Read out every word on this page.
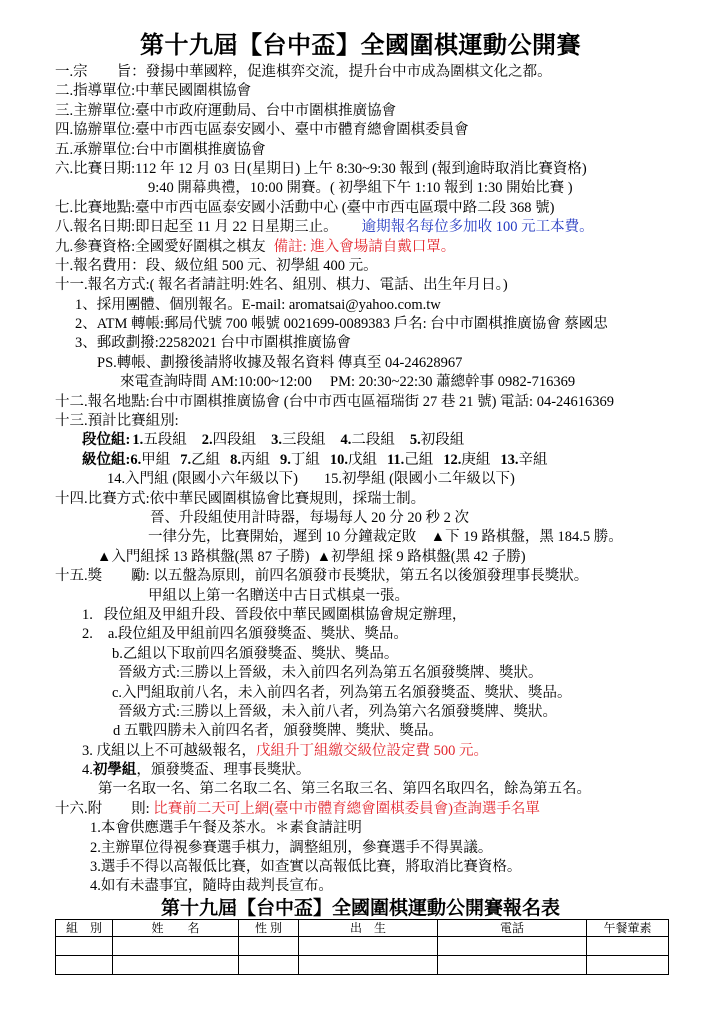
第十九屆【台中盃】全國圍棋運動公開賽
一.宗　　旨：發揚中華國粹，促進棋弈交流，提升台中市成為圍棋文化之都。
二.指導單位:中華民國圍棋協會
三.主辦單位:臺中市政府運動局、台中市圍棋推廣協會
四.協辦單位:臺中市西屯區泰安國小、臺中市體育總會圍棋委員會
五.承辦單位:台中市圍棋推廣協會
六.比賽日期:112 年 12 月 03 日(星期日) 上午 8:30~9:30 報到 (報到逾時取消比賽資格)
9:40 開幕典禮，10:00 開賽。( 初學組下午 1:10 報到 1:30 開始比賽 )
七.比賽地點:臺中市西屯區泰安國小活動中心 (臺中市西屯區環中路二段 368 號)
八.報名日期:即日起至 11 月 22 日星期三止。 逾期報名每位多加收 100 元工本費。
九.參賽資格:全國愛好圍棋之棋友 備註: 進入會場請自戴口罩。
十.報名費用：段、級位組 500 元、初學組 400 元。
十一.報名方式:( 報名者請註明:姓名、組別、棋力、電話、出生年月日。)
1、採用團體、個別報名。E-mail: aromatsai@yahoo.com.tw
2、ATM 轉帳:郵局代號 700 帳號 0021699-0089383 戶名: 台中市圍棋推廣協會 蔡國忠
3、郵政劃撥:22582021 台中市圍棋推廣協會
PS.轉帳、劃撥後請將收據及報名資料 傳真至 04-24628967
來電查詢時間 AM:10:00~12:00　 PM: 20:30~22:30 蕭總幹事 0982-716369
十二.報名地點:台中市圍棋推廣協會 (台中市西屯區福瑞街 27 巷 21 號) 電話: 04-24616369
十三.預計比賽組別:
段位組: 1.五段組 2.四段組 3.三段組 4.二段組 5.初段組
級位組:6.甲組 7.乙組 8.丙組 9.丁組 10.戊組 11.己組 12.庚組 13.辛組
14.入門組 (限國小六年級以下) 15.初學組 (限國小二年級以下)
十四.比賽方式:依中華民國圍棋協會比賽規則，採瑞士制。
晉、升段組使用計時器，每場每人 20 分 20 秒 2 次
一律分先，比賽開始，遲到 10 分鐘裁定敗　▲下 19 路棋盤，黑 184.5 勝。
▲入門組採 13 路棋盤(黑 87 子勝)  ▲初學組 採 9 路棋盤(黑 42 子勝)
十五.獎　　勵: 以五盤為原則，前四名頒發市長獎狀，第五名以後頒發理事長獎狀。
甲組以上第一名贈送中古日式棋桌一張。
1. 段位組及甲組升段、晉段依中華民國圍棋協會規定辦理，
2. a.段位組及甲組前四名頒發獎盃、獎狀、獎品。
b.乙組以下取前四名頒發獎盃、獎狀、獎品。
晉級方式:三勝以上晉級，未入前四名列為第五名頒發獎牌、獎狀。
c.入門組取前八名，未入前四名者，列為第五名頒發獎盃、獎狀、獎品。
晉級方式:三勝以上晉級，未入前八者，列為第六名頒發獎牌、獎狀。
d 五戰四勝未入前四名者，頒發獎牌、獎狀、獎品。
3. 戊組以上不可越級報名，戊組升丁組繳交級位設定費 500 元。
4.初學組，頒發獎盃、理事長獎狀。
第一名取一名、第二名取二名、第三名取三名、第四名取四名，餘為第五名。
十六.附　　則: 比賽前二天可上網(臺中市體育總會圍棋委員會)查詢選手名單
1.本會供應選手午餐及茶水。＊素食請註明
2.主辦單位得視參賽選手棋力，調整組別，參賽選手不得異議。
3.選手不得以高報低比賽，如查實以高報低比賽，將取消比賽資格。
4.如有未盡事宜，隨時由裁判長宣布。
第十九屆【台中盃】全國圍棋運動公開賽報名表
組　別	姓　　名	性 別	出　生	電話	午餐葷素
